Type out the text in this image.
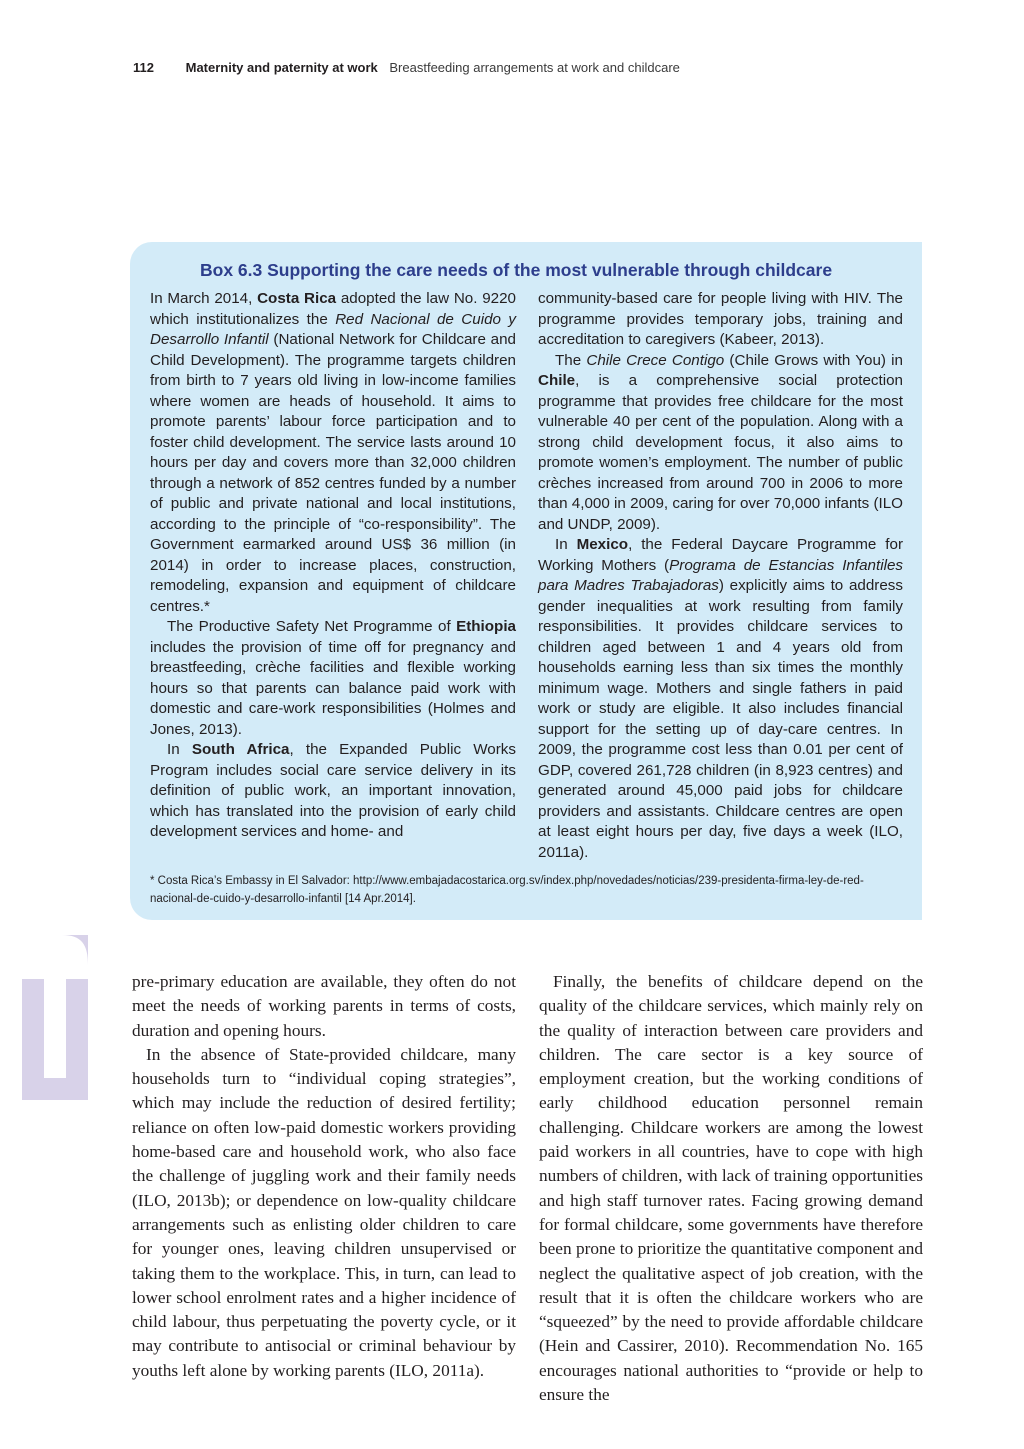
112 Maternity and paternity at work Breastfeeding arrangements at work and childcare
Box 6.3 Supporting the care needs of the most vulnerable through childcare

In March 2014, Costa Rica adopted the law No. 9220 which institutionalizes the Red Nacional de Cuido y Desarrollo Infantil (National Network for Childcare and Child Development). The programme targets children from birth to 7 years old living in low-income families where women are heads of household. It aims to promote parents’ labour force participation and to foster child development. The service lasts around 10 hours per day and covers more than 32,000 children through a network of 852 centres funded by a number of public and private national and local institutions, according to the principle of “co-responsibility”. The Government earmarked around US$ 36 million (in 2014) in order to increase places, construction, remodeling, expansion and equipment of childcare centres.*

The Productive Safety Net Programme of Ethiopia includes the provision of time off for pregnancy and breastfeeding, crèche facilities and flexible working hours so that parents can balance paid work with domestic and care-work responsibilities (Holmes and Jones, 2013).

In South Africa, the Expanded Public Works Program includes social care service delivery in its definition of public work, an important innovation, which has translated into the provision of early child development services and home- and

community-based care for people living with HIV. The programme provides temporary jobs, training and accreditation to caregivers (Kabeer, 2013).

The Chile Crece Contigo (Chile Grows with You) in Chile, is a comprehensive social protection programme that provides free childcare for the most vulnerable 40 per cent of the population. Along with a strong child development focus, it also aims to promote women’s employment. The number of public crèches increased from around 700 in 2006 to more than 4,000 in 2009, caring for over 70,000 infants (ILO and UNDP, 2009).

In Mexico, the Federal Daycare Programme for Working Mothers (Programa de Estancias Infantiles para Madres Trabajadoras) explicitly aims to address gender inequalities at work resulting from family responsibilities. It provides childcare services to children aged between 1 and 4 years old from households earning less than six times the monthly minimum wage. Mothers and single fathers in paid work or study are eligible. It also includes financial support for the setting up of day-care centres. In 2009, the programme cost less than 0.01 per cent of GDP, covered 261,728 children (in 8,923 centres) and generated around 45,000 paid jobs for childcare providers and assistants. Childcare centres are open at least eight hours per day, five days a week (ILO, 2011a).

* Costa Rica’s Embassy in El Salvador: http://www.embajadacostarica.org.sv/index.php/novedades/noticias/239-presidenta-firma-ley-de-red-nacional-de-cuido-y-desarrollo-infantil [14 Apr.2014].

pre-primary education are available, they often do not meet the needs of working parents in terms of costs, duration and opening hours.

In the absence of State-provided childcare, many households turn to “individual coping strategies”, which may include the reduction of desired fertility; reliance on often low-paid domestic workers providing home-based care and household work, who also face the challenge of juggling work and their family needs (ILO, 2013b); or dependence on low-quality childcare arrangements such as enlisting older children to care for younger ones, leaving children unsupervised or taking them to the workplace. This, in turn, can lead to lower school enrolment rates and a higher incidence of child labour, thus perpetuating the poverty cycle, or it may contribute to antisocial or criminal behaviour by youths left alone by working parents (ILO, 2011a).

Finally, the benefits of childcare depend on the quality of the childcare services, which mainly rely on the quality of interaction between care providers and children. The care sector is a key source of employment creation, but the working conditions of early childhood education personnel remain challenging. Childcare workers are among the lowest paid workers in all countries, have to cope with high numbers of children, with lack of training opportunities and high staff turnover rates. Facing growing demand for formal childcare, some governments have therefore been prone to prioritize the quantitative component and neglect the qualitative aspect of job creation, with the result that it is often the childcare workers who are “squeezed” by the need to provide affordable childcare (Hein and Cassirer, 2010). Recommendation No. 165 encourages national authorities to “provide or help to ensure the
